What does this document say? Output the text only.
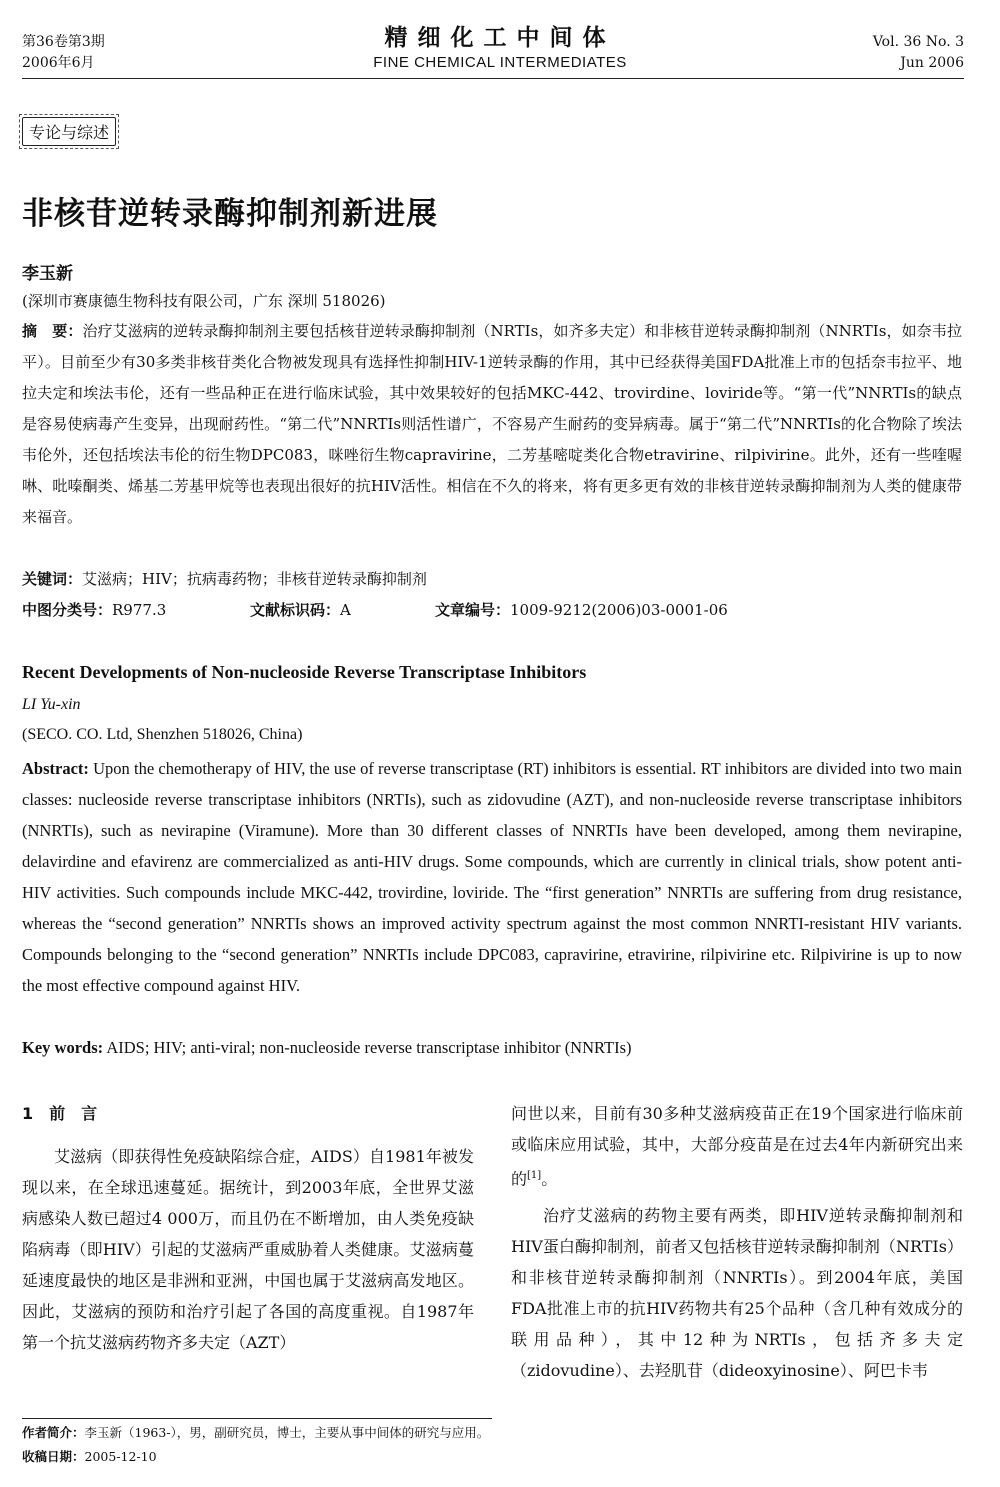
第36卷第3期
2006年6月
精细化工中间体
FINE CHEMICAL INTERMEDIATES
Vol. 36 No. 3
Jun 2006
专论与综述
非核苷逆转录酶抑制剂新进展
李玉新
(深圳市赛康德生物科技有限公司，广东 深圳 518026)
摘　要：治疗艾滋病的逆转录酶抑制剂主要包括核苷逆转录酶抑制剂（NRTIs，如齐多夫定）和非核苷逆转录酶抑制剂（NNRTIs，如奈韦拉平）。目前至少有30多类非核苷类化合物被发现具有选择性抑制HIV-1逆转录酶的作用，其中已经获得美国FDA批准上市的包括奈韦拉平、地拉夫定和埃法韦伦，还有一些品种正在进行临床试验，其中效果较好的包括MKC-442、trovirdine、loviride等。“第一代”NNRTIs的缺点是容易使病毒产生变异，出现耐药性。“第二代”NNRTIs则活性谱广，不容易产生耐药的变异病毒。属于“第二代”NNRTIs的化合物除了埃法韦伦外，还包括埃法韦伦的衍生物DPC083，咪唑衍生物capravirine，二芳基嘧啶类化合物etravirine、rilpivirine。此外，还有一些喹喔啉、吡嗪酮类、烯基二芳基甲烷等也表现出很好的抗HIV活性。相信在不久的将来，将有更多更有效的非核苷逆转录酶抑制剂为人类的健康带来福音。
关键词：艾滋病；HIV；抗病毒药物；非核苷逆转录酶抑制剂
中图分类号：R977.3	文献标识码：A	文章编号：1009-9212(2006)03-0001-06
Recent Developments of Non-nucleoside Reverse Transcriptase Inhibitors
LI Yu-xin
(SECO. CO. Ltd, Shenzhen 518026, China)
Abstract: Upon the chemotherapy of HIV, the use of reverse transcriptase (RT) inhibitors is essential. RT inhibitors are divided into two main classes: nucleoside reverse transcriptase inhibitors (NRTIs), such as zidovudine (AZT), and non-nucleoside reverse transcriptase inhibitors (NNRTIs), such as nevirapine (Viramune). More than 30 different classes of NNRTIs have been developed, among them nevirapine, delavirdine and efavirenz are commercialized as anti-HIV drugs. Some compounds, which are currently in clinical trials, show potent anti-HIV activities. Such compounds include MKC-442, trovirdine, loviride. The “first generation” NNRTIs are suffering from drug resistance, whereas the “second generation” NNRTIs shows an improved activity spectrum against the most common NNRTI-resistant HIV variants. Compounds belonging to the “second generation” NNRTIs include DPC083, capravirine, etravirine, rilpivirine etc. Rilpivirine is up to now the most effective compound against HIV.
Key words: AIDS; HIV; anti-viral; non-nucleoside reverse transcriptase inhibitor (NNRTIs)
1　前　言

艾滋病（即获得性免疫缺陷综合症，AIDS）自1981年被发现以来，在全球迅速蔓延。据统计，到2003年底，全世界艾滋病感染人数已超过4 000万，而且仍在不断增加，由人类免疫缺陷病毒（即HIV）引起的艾滋病严重威胁着人类健康。艾滋病蔓延速度最快的地区是非洲和亚洲，中国也属于艾滋病高发地区。因此，艾滋病的预防和治疗引起了各国的高度重视。自1987年第一个抗艾滋病药物齐多夫定（AZT）

问世以来，目前有30多种艾滋病疫苗正在19个国家进行临床前或临床应用试验，其中，大部分疫苗是在过去4年内新研究出来的[1]。

治疗艾滋病的药物主要有两类，即HIV逆转录酶抑制剂和HIV蛋白酶抑制剂，前者又包括核苷逆转录酶抑制剂（NRTIs）和非核苷逆转录酶抑制剂（NNRTIs）。到2004年底，美国FDA批准上市的抗HIV药物共有25个品种（含几种有效成分的联用品种），其中12种为NRTIs，包括齐多夫定（zidovudine）、去羟肌苷（dideoxyinosine）、阿巴卡韦

作者简介：李玉新（1963-），男，副研究员，博士，主要从事中间体的研究与应用。
收稿日期：2005-12-10
